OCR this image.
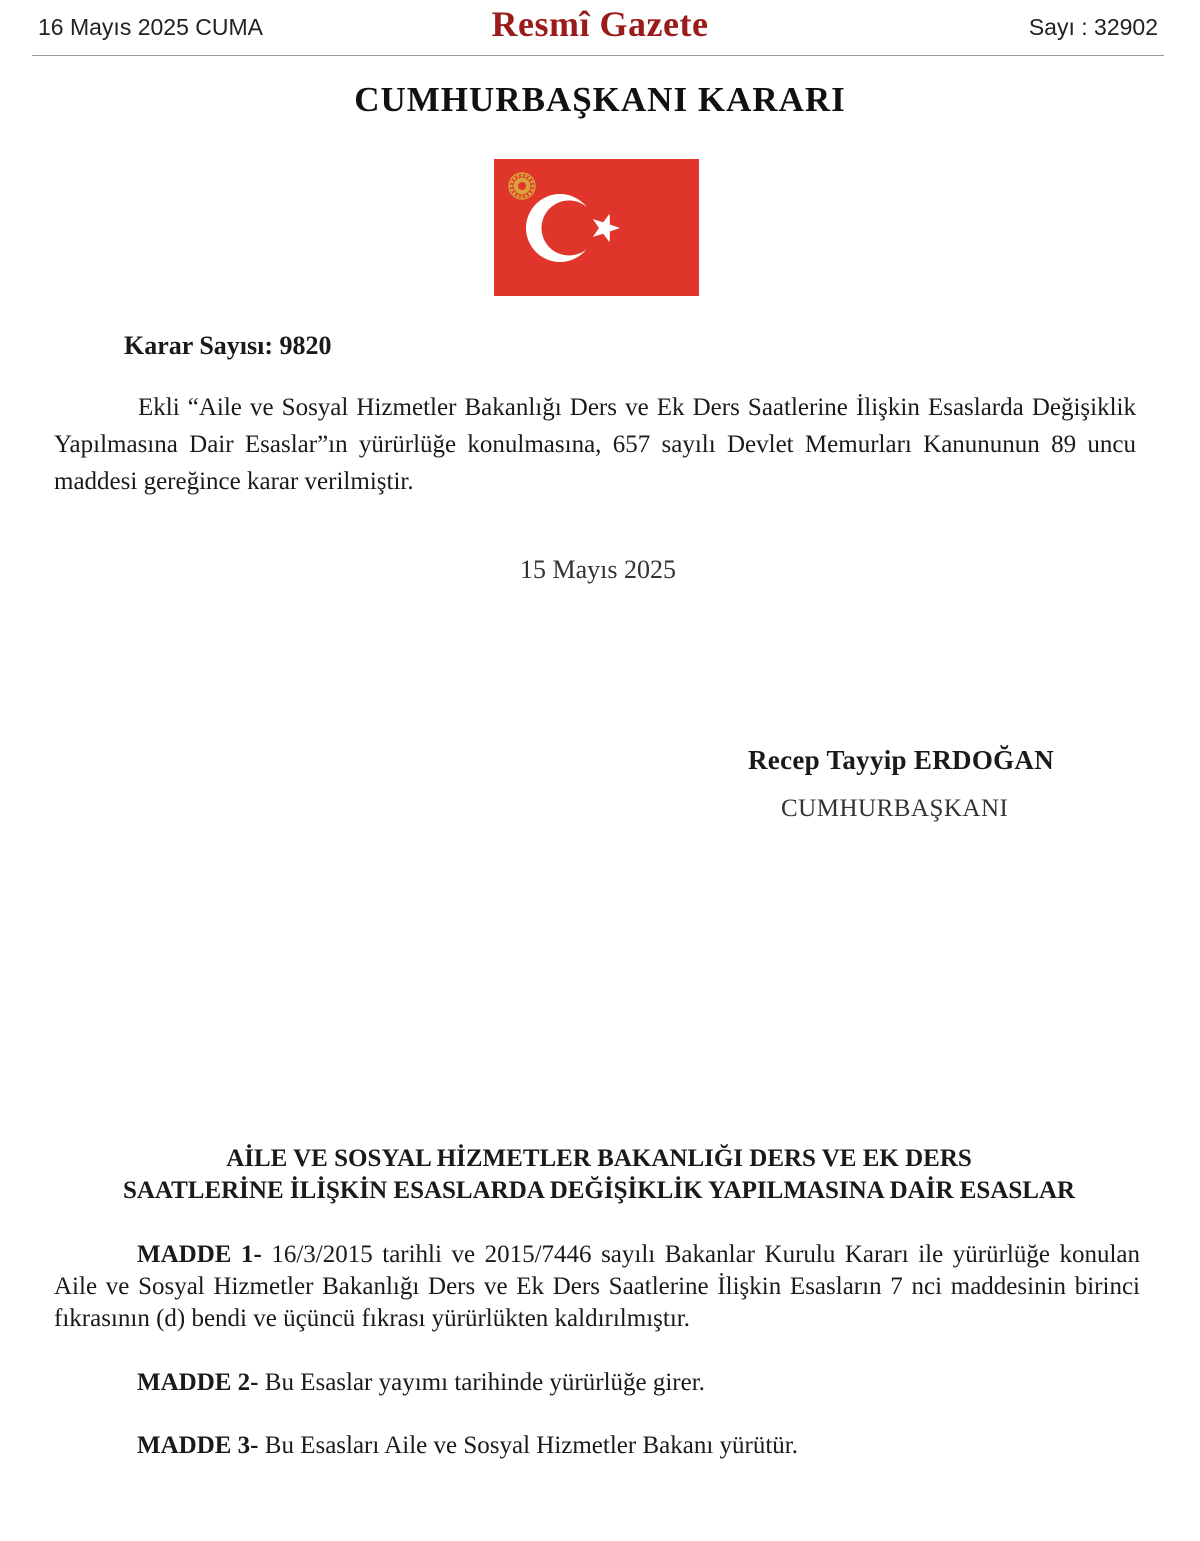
16 Mayıs 2025 CUMA	Resmî Gazete	Sayı : 32902
CUMHURBAŞKANI KARARI
Karar Sayısı: 9820

Ekli “Aile ve Sosyal Hizmetler Bakanlığı Ders ve Ek Ders Saatlerine İlişkin Esaslarda Değişiklik Yapılmasına Dair Esaslar”ın yürürlüğe konulmasına, 657 sayılı Devlet Memurları Kanununun 89 uncu maddesi gereğince karar verilmiştir.

15 Mayıs 2025
Recep Tayyip ERDOĞAN
CUMHURBAŞKANI
AİLE VE SOSYAL HİZMETLER BAKANLIĞI DERS VE EK DERS
SAATLERİNE İLİŞKİN ESASLARDA DEĞİŞİKLİK YAPILMASINA DAİR ESASLAR

MADDE 1- 16/3/2015 tarihli ve 2015/7446 sayılı Bakanlar Kurulu Kararı ile yürürlüğe konulan Aile ve Sosyal Hizmetler Bakanlığı Ders ve Ek Ders Saatlerine İlişkin Esasların 7 nci maddesinin birinci fıkrasının (d) bendi ve üçüncü fıkrası yürürlükten kaldırılmıştır.

MADDE 2- Bu Esaslar yayımı tarihinde yürürlüğe girer.

MADDE 3- Bu Esasları Aile ve Sosyal Hizmetler Bakanı yürütür.
